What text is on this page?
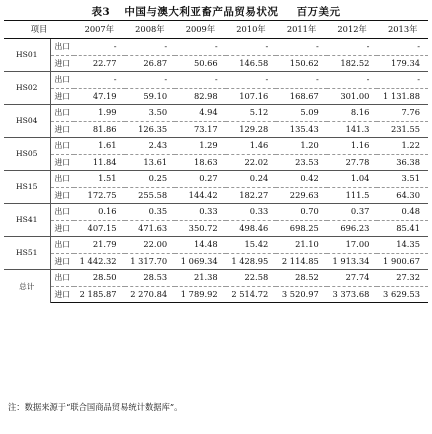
表3 中国与澳大利亚畜产品贸易状况 百万美元
项目		2007年	2008年	2009年	2010年	2011年	2012年	2013年
HS01	出口	-	-	-	-	-	-	-
	进口	22.77	26.87	50.66	146.58	150.62	182.52	179.34
HS02	出口	-	-	-	-	-	-	-
	进口	47.19	59.10	82.98	107.16	168.67	301.00	1 131.88
HS04	出口	1.99	3.50	4.94	5.12	5.09	8.16	7.76
	进口	81.86	126.35	73.17	129.28	135.43	141.3	231.55
HS05	出口	1.61	2.43	1.29	1.46	1.20	1.16	1.22
	进口	11.84	13.61	18.63	22.02	23.53	27.78	36.38
HS15	出口	1.51	0.25	0.27	0.24	0.42	1.04	3.51
	进口	172.75	255.58	144.42	182.27	229.63	111.5	64.30
HS41	出口	0.16	0.35	0.33	0.33	0.70	0.37	0.48
	进口	407.15	471.63	350.72	498.46	698.25	696.23	85.41
HS51	出口	21.79	22.00	14.48	15.42	21.10	17.00	14.35
	进口	1 442.32	1 317.70	1 069.34	1 428.95	2 114.85	1 913.34	1 900.67
总计	出口	28.50	28.53	21.38	22.58	28.52	27.74	27.32
	进口	2 185.87	2 270.84	1 789.92	2 514.72	3 520.97	3 373.68	3 629.53
注：数据来源于“联合国商品贸易统计数据库”。
